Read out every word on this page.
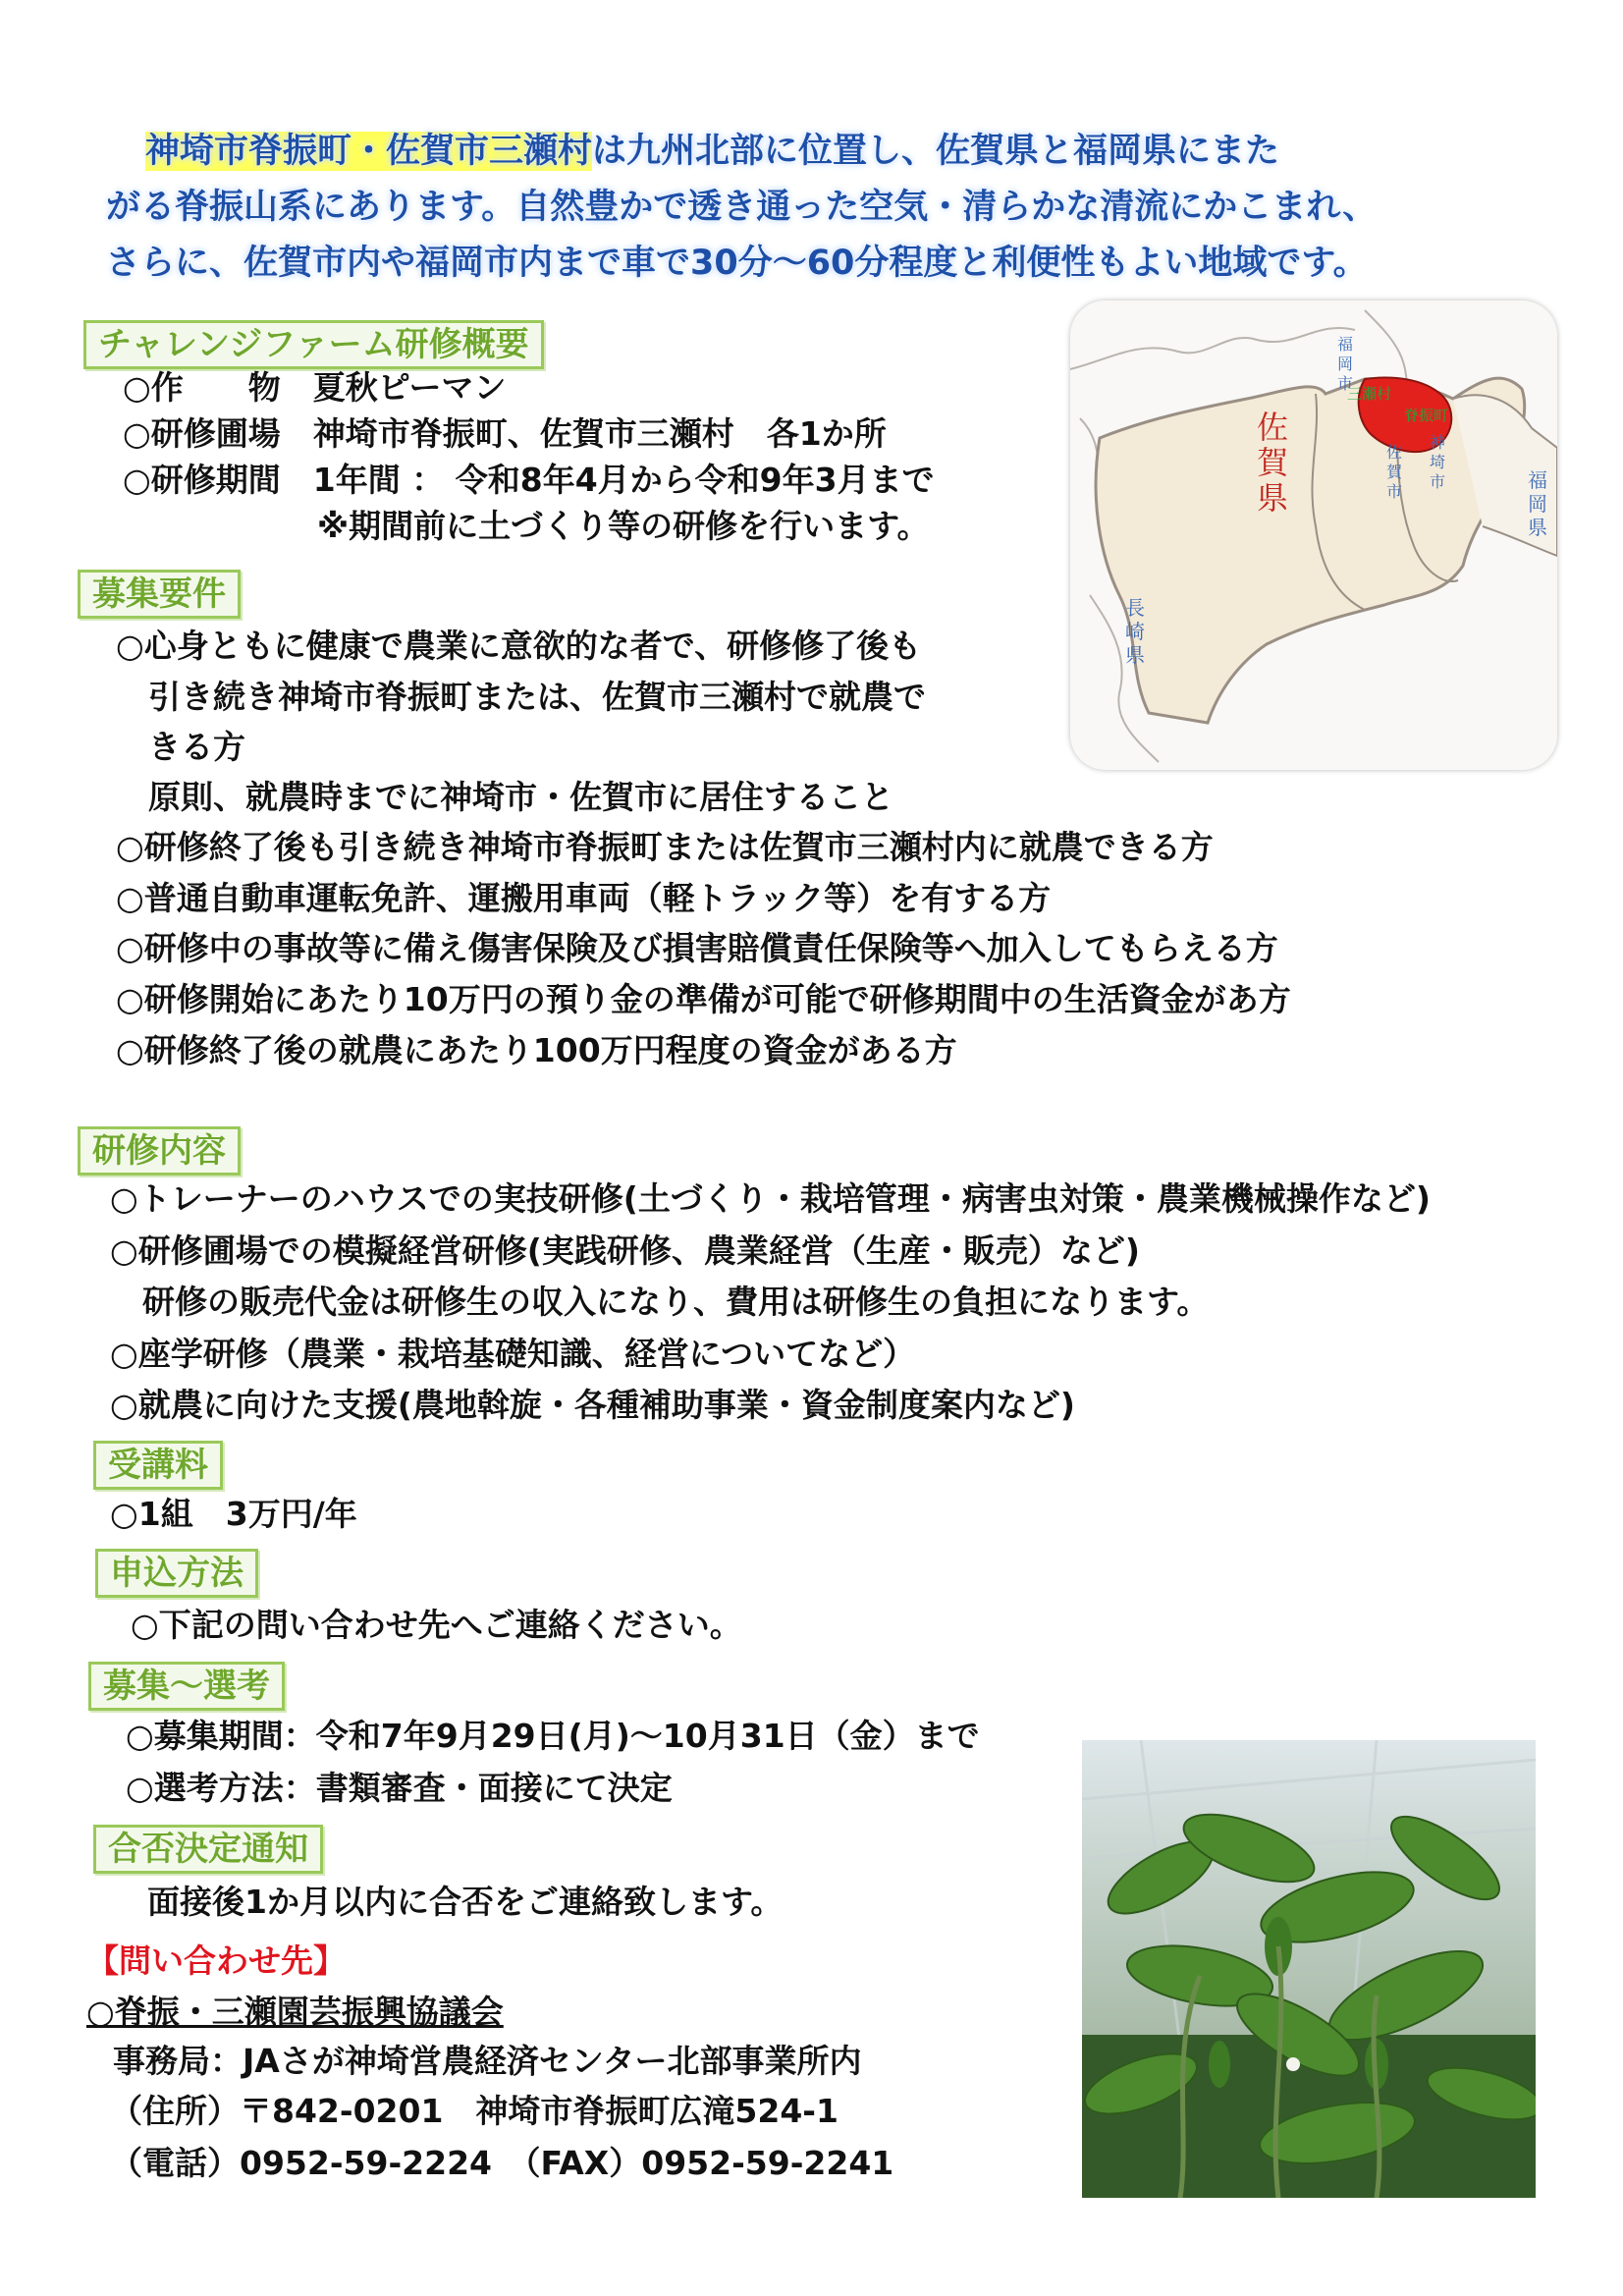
神埼市脊振町・佐賀市三瀬村は九州北部に位置し、佐賀県と福岡県にまた
がる脊振山系にあります。自然豊かで透き通った空気・清らかな清流にかこまれ、
さらに、佐賀市内や福岡市内まで車で30分～60分程度と利便性もよい地域です。
チャレンジファーム研修概要
○作　　物　夏秋ピーマン
○研修圃場　神埼市脊振町、佐賀市三瀬村　各1か所
○研修期間　1年間 ： 令和8年4月から令和9年3月まで
　　　　　　※期間前に土づくり等の研修を行います。
佐賀県
福岡市
福岡県
長崎県
佐賀市
神埼市
三瀬村
脊振町
募集要件
○心身ともに健康で農業に意欲的な者で、研修修了後も
　引き続き神埼市脊振町または、佐賀市三瀬村で就農で
　きる方
　原則、就農時までに神埼市・佐賀市に居住すること
○研修終了後も引き続き神埼市脊振町または佐賀市三瀬村内に就農できる方
○普通自動車運転免許、運搬用車両（軽トラック等）を有する方
○研修中の事故等に備え傷害保険及び損害賠償責任保険等へ加入してもらえる方
○研修開始にあたり10万円の預り金の準備が可能で研修期間中の生活資金があ方
○研修終了後の就農にあたり100万円程度の資金がある方
研修内容
○トレーナーのハウスでの実技研修(土づくり・栽培管理・病害虫対策・農業機械操作など)
○研修圃場での模擬経営研修(実践研修、農業経営（生産・販売）など)
　研修の販売代金は研修生の収入になり、費用は研修生の負担になります。
○座学研修（農業・栽培基礎知識、経営についてなど）
○就農に向けた支援(農地斡旋・各種補助事業・資金制度案内など)
受講料
○1組　3万円/年
申込方法
○下記の問い合わせ先へご連絡ください。
募集～選考
○募集期間：令和7年9月29日(月)～10月31日（金）まで
○選考方法：書類審査・面接にて決定
合否決定通知
面接後1か月以内に合否をご連絡致します。
【問い合わせ先】
○脊振・三瀬園芸振興協議会
事務局：JAさが神埼営農経済センター北部事業所内
（住所）〒842-0201　神埼市脊振町広滝524-1
（電話）0952-59-2224　（FAX）0952-59-2241
